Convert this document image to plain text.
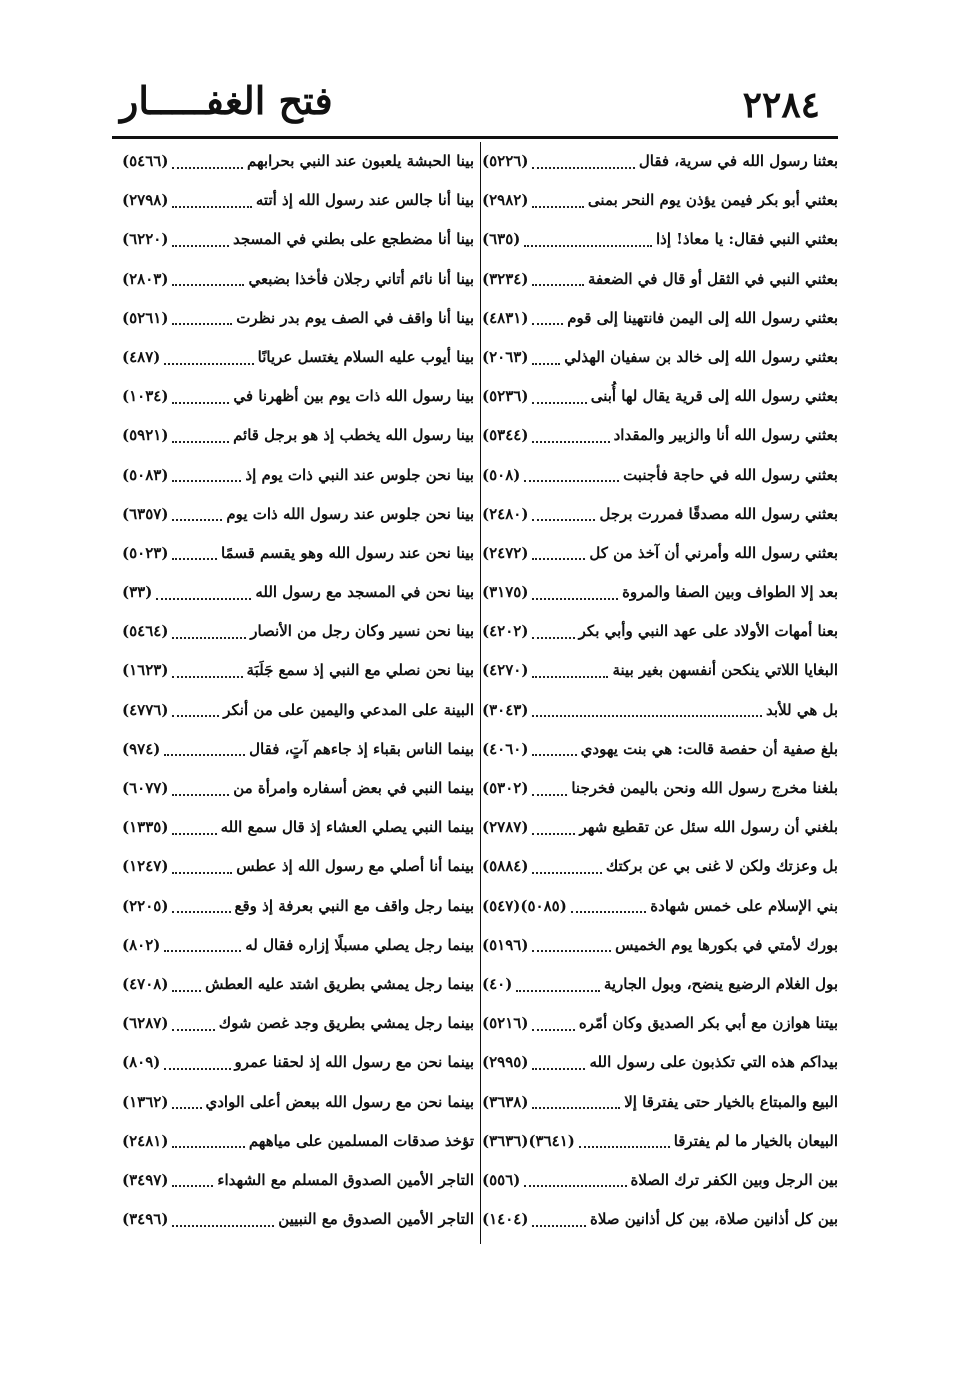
فتح الغفـــــار	٢٢٨٤
بعثنا رسول الله في سرية، فقال
(٥٢٢٦)
بعثني أبو بكر فيمن يؤذن يوم النحر بمنى
(٢٩٨٢)
بعثني النبي فقال: يا معاذ! إذا
(٦٣٥)
بعثني النبي في الثقل أو قال في الضعفة
(٣٢٣٤)
بعثني رسول الله إلى اليمن فانتهينا إلى قوم
(٤٨٣١)
بعثني رسول الله إلى خالد بن سفيان الهذلي
(٢٠٦٣)
بعثني رسول الله إلى قرية يقال لها أُبنى
(٥٢٣٦)
بعثني رسول الله أنا والزبير والمقداد
(٥٣٤٤)
بعثني رسول الله في حاجة فأجنبت
(٥٠٨)
بعثني رسول الله مصدقًا فمررت برجل
(٢٤٨٠)
بعثني رسول الله وأمرني أن آخذ من كل
(٢٤٧٢)
بعد إلا الطواف وبين الصفا والمروة
(٣١٧٥)
بعنا أمهات الأولاد على عهد النبي وأبي بكر
(٤٢٠٢)
البغايا اللاتي ينكحن أنفسهن بغير بينة
(٤٢٧٠)
بل هي للأبد
(٣٠٤٣)
بلغ صفية أن حفصة قالت: هي بنت يهودي
(٤٠٦٠)
بلغنا مخرج رسول الله ونحن باليمن فخرجنا
(٥٣٠٢)
بلغني أن رسول الله سئل عن تقطيع شهر
(٢٧٨٧)
بل وعزتك ولكن لا غنى بي عن بركتك
(٥٨٨٤)
بني الإسلام على خمس شهادة
(٥٠٨٥)(٥٤٧)
بورك لأمتي في بكورها يوم الخميس
(٥١٩٦)
بول الغلام الرضيع ينضح، وبول الجارية
(٤٠)
بيتنا هوازن مع أبي بكر الصديق وكان أمّره
(٥٢١٦)
بيداكم هذه التي تكذبون على رسول الله
(٢٩٩٥)
البيع والمبتاع بالخيار حتى يفترقا إلا
(٣٦٣٨)
البيعان بالخيار ما لم يفترقا
(٣٦٤١)(٣٦٣٦)
بين الرجل وبين الكفر ترك الصلاة
(٥٥٦)
بين كل أذانين صلاة، بين كل أذانين صلاة
(١٤٠٤)
بينا الحبشة يلعبون عند النبي بحرابهم
(٥٤٦٦)
بينا أنا جالس عند رسول الله إذ أتته
(٢٧٩٨)
بينا أنا مضطجع على بطني في المسجد
(٦٢٢٠)
بينا أنا نائم أتاني رجلان فأخذا بضبعي
(٢٨٠٣)
بينا أنا واقف في الصف يوم بدر نظرت
(٥٢٦١)
بينا أيوب عليه السلام يغتسل عريانًا
(٤٨٧)
بينا رسول الله ذات يوم بين أظهرنا في
(١٠٣٤)
بينا رسول الله يخطب إذ هو برجل قائم
(٥٩٢١)
بينا نحن جلوس عند النبي ذات يوم إذ
(٥٠٨٣)
بينا نحن جلوس عند رسول الله ذات يوم
(٦٣٥٧)
بينا نحن عند رسول الله وهو يقسم قسمًا
(٥٠٢٣)
بينا نحن في المسجد مع رسول الله
(٣٣)
بينا نحن نسير وكان رجل من الأنصار
(٥٤٦٤)
بينا نحن نصلي مع النبي إذ سمع جَلَبَة
(١٦٢٣)
البينة على المدعي واليمين على من أنكر
(٤٧٧٦)
بينما الناس بقباء إذ جاءهم آتٍ، فقال
(٩٧٤)
بينما النبي في بعض أسفاره وامرأة من
(٦٠٧٧)
بينما النبي يصلي العشاء إذ قال سمع الله
(١٣٣٥)
بينما أنا أصلي مع رسول الله إذ عطس
(١٢٤٧)
بينما رجل واقف مع النبي بعرفة إذ وقع
(٢٢٠٥)
بينما رجل يصلي مسبلًا إزاره فقال له
(٨٠٢)
بينما رجل يمشي بطريق اشتد عليه العطش
(٤٧٠٨)
بينما رجل يمشي بطريق وجد غصن شوك
(٦٢٨٧)
بينما نحن مع رسول الله إذ لحقنا عمرو
(٨٠٩)
بينما نحن مع رسول الله ببعض أعلى الوادي
(١٣٦٢)
تؤخذ صدقات المسلمين على مياههم
(٢٤٨١)
التاجر الأمين الصدوق المسلم مع الشهداء
(٣٤٩٧)
التاجر الأمين الصدوق مع النبيين
(٣٤٩٦)
